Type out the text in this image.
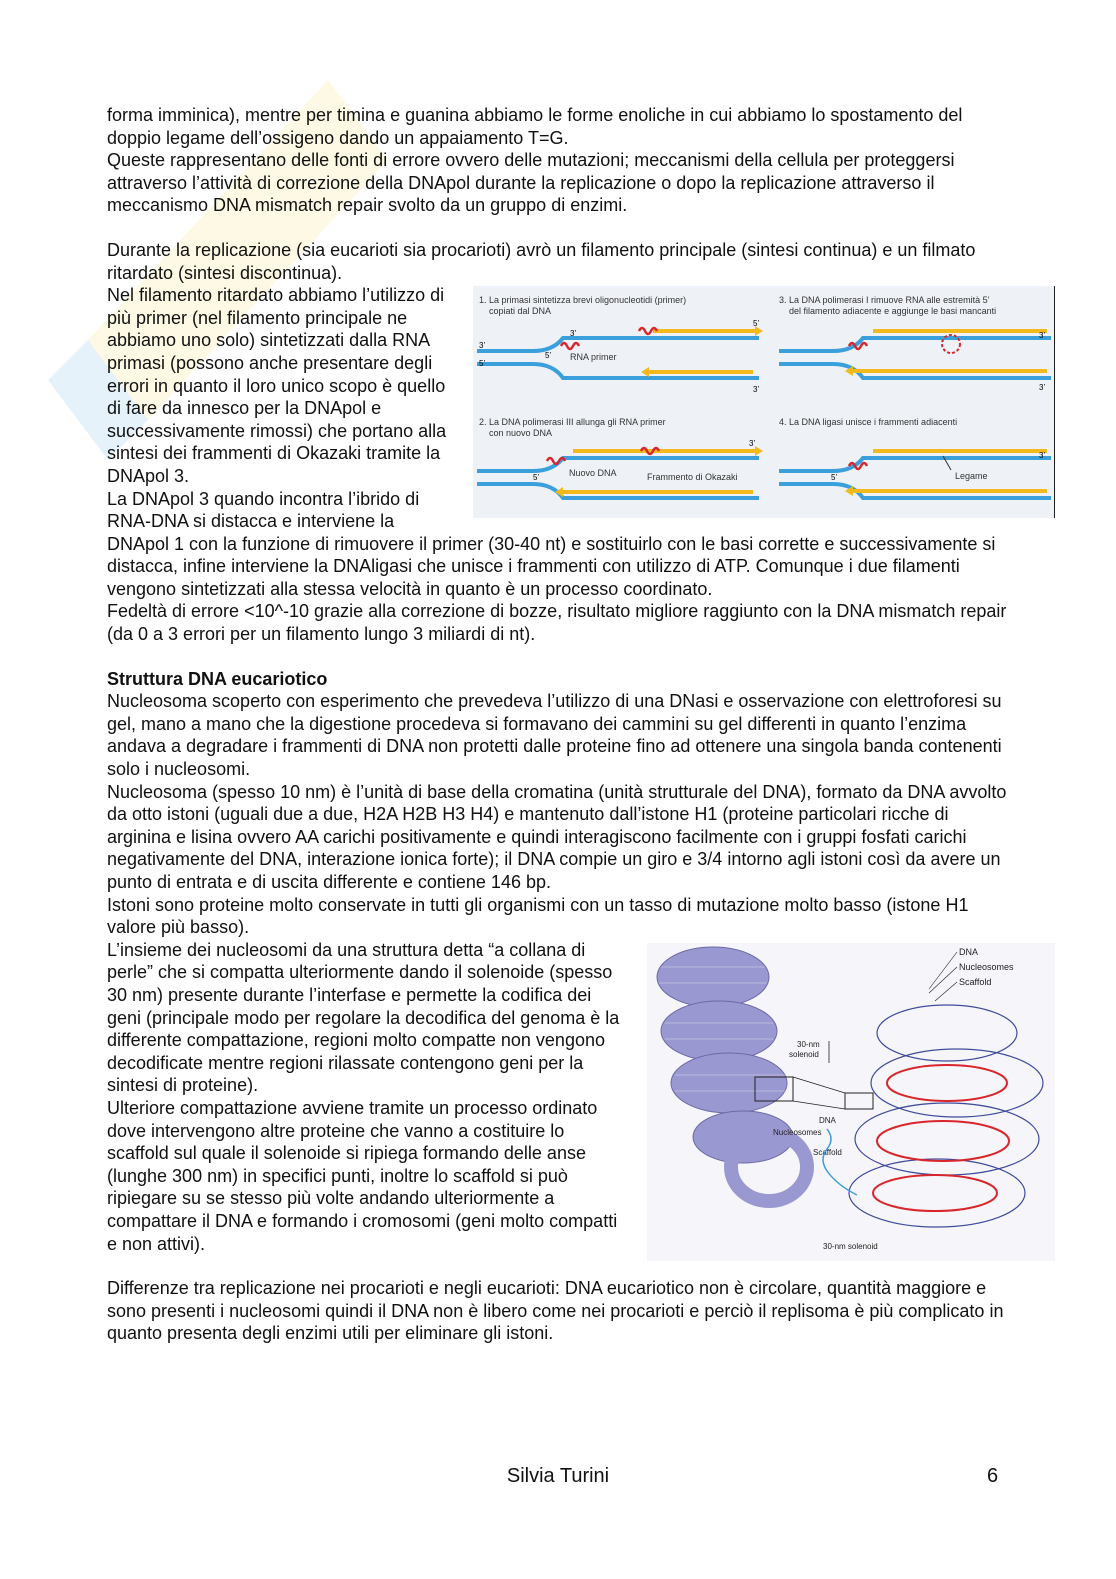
forma imminica), mentre per timina e guanina abbiamo le forme enoliche in cui abbiamo lo spostamento del doppio legame dell’ossigeno dando un appaiamento T=G.

Queste rappresentano delle fonti di errore ovvero delle mutazioni; meccanismi della cellula per proteggersi attraverso l’attività di correzione della DNApol durante la replicazione o dopo la replicazione attraverso il meccanismo DNA mismatch repair svolto da un gruppo di enzimi.

Durante la replicazione (sia eucarioti sia procarioti) avrò un filamento principale (sintesi continua) e un filmato ritardato (sintesi discontinua).

1. La primasi sintetizza brevi oligonucleotidi (primer)
copiati dal DNA
3’
5’
5’
3’
3’
5’ RNA primer
2. La DNA polimerasi III allunga gli RNA primer
con nuovo DNA
5’
3’
Nuovo DNA	Frammento di Okazaki
3. La DNA polimerasi I rimuove RNA alle estremità 5’
del filamento adiacente e aggiunge le basi mancanti
3’
3’
4. La DNA ligasi unisce i frammenti adiacenti
5’
3’
Legame

Nel filamento ritardato abbiamo l’utilizzo di più primer (nel filamento principale ne abbiamo uno solo) sintetizzati dalla RNA primasi (possono anche presentare degli errori in quanto il loro unico scopo è quello di fare da innesco per la DNApol e successivamente rimossi) che portano alla sintesi dei frammenti di Okazaki tramite la DNApol 3.

La DNApol 3 quando incontra l’ibrido di RNA-DNA si distacca e interviene la DNApol 1 con la funzione di rimuovere il primer (30-40 nt) e sostituirlo con le basi corrette e successivamente si distacca, infine interviene la DNAligasi che unisce i frammenti con utilizzo di ATP. Comunque i due filamenti vengono sintetizzati alla stessa velocità in quanto è un processo coordinato.

Fedeltà di errore <10^-10 grazie alla correzione di bozze, risultato migliore raggiunto con la DNA mismatch repair (da 0 a 3 errori per un filamento lungo 3 miliardi di nt).

Struttura DNA eucariotico

Nucleosoma scoperto con esperimento che prevedeva l’utilizzo di una DNasi e osservazione con elettroforesi su gel, mano a mano che la digestione procedeva si formavano dei cammini su gel differenti in quanto l’enzima andava a degradare i frammenti di DNA non protetti dalle proteine fino ad ottenere una singola banda contenenti solo i nucleosomi.

Nucleosoma (spesso 10 nm) è l’unità di base della cromatina (unità strutturale del DNA), formato da DNA avvolto da otto istoni (uguali due a due, H2A H2B H3 H4) e mantenuto dall’istone H1 (proteine particolari ricche di arginina e lisina ovvero AA carichi positivamente e quindi interagiscono facilmente con i gruppi fosfati carichi negativamente del DNA, interazione ionica forte); il DNA compie un giro e 3/4 intorno agli istoni così da avere un punto di entrata e di uscita differente e contiene 146 bp.

Istoni sono proteine molto conservate in tutti gli organismi con un tasso di mutazione molto basso (istone H1 valore più basso).

DNA
Nucleosomes
Scaffold
30-nm
solenoid
DNA
Nucleosomes
Scaffold
30-nm solenoid

L’insieme dei nucleosomi da una struttura detta “a collana di perle” che si compatta ulteriormente dando il solenoide (spesso 30 nm) presente durante l’interfase e permette la codifica dei geni (principale modo per regolare la decodifica del genoma è la differente compattazione, regioni molto compatte non vengono decodificate mentre regioni rilassate contengono geni per la sintesi di proteine).

Ulteriore compattazione avviene tramite un processo ordinato dove intervengono altre proteine che vanno a costituire lo scaffold sul quale il solenoide si ripiega formando delle anse (lunghe 300 nm) in specifici punti, inoltre lo scaffold si può ripiegare su se stesso più volte andando ulteriormente a compattare il DNA e formando i cromosomi (geni molto compatti e non attivi).

Differenze tra replicazione nei procarioti e negli eucarioti: DNA eucariotico non è circolare, quantità maggiore e sono presenti i nucleosomi quindi il DNA non è libero come nei procarioti e perciò il replisoma è più complicato in quanto presenta degli enzimi utili per eliminare gli istoni.

Silvia Turini	6
